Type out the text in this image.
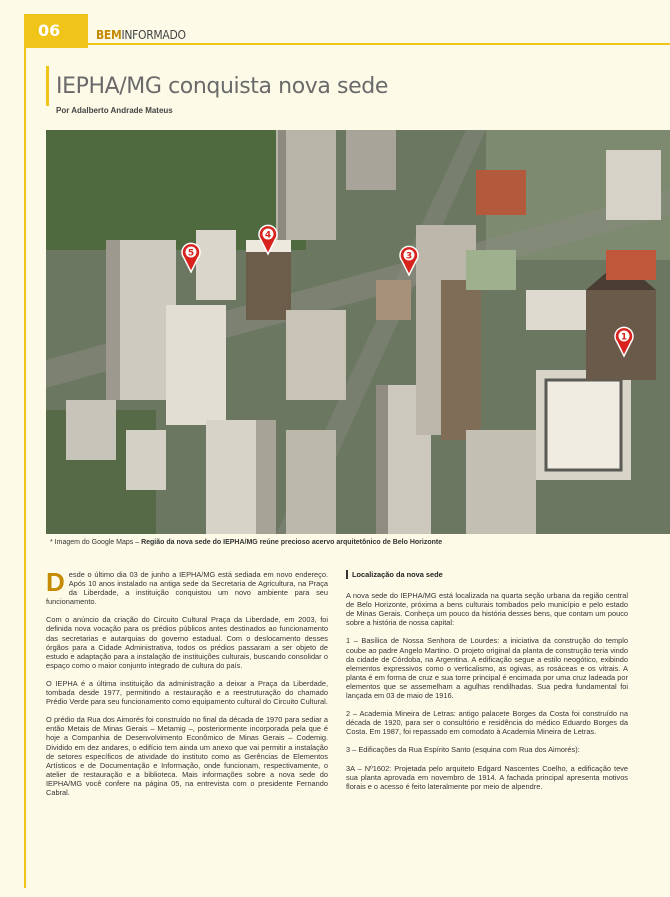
06	BEMINFORMADO
IEPHA/MG conquista nova sede
Por Adalberto Andrade Mateus
5
4
3
1
* Imagem do Google Maps – Região da nova sede do IEPHA/MG reúne precioso acervo arquitetônico de Belo Horizonte

Desde o último dia 03 de junho a IEPHA/MG está sediada em novo endereço. Após 10 anos instalado na antiga sede da Secretaria de Agricultura, na Praça da Liberdade, a instituição conquistou um novo ambiente para seu funcionamento.

Com o anúncio da criação do Circuito Cultural Praça da Liberdade, em 2003, foi definida nova vocação para os prédios públicos antes destinados ao funcionamento das secretarias e autarquias do governo estadual. Com o deslocamento desses órgãos para a Cidade Administrativa, todos os prédios passaram a ser objeto de estudo e adaptação para a instalação de instituições culturais, buscando consolidar o espaço como o maior conjunto integrado de cultura do país.

O IEPHA é a última instituição da administração a deixar a Praça da Liberdade, tombada desde 1977, permitindo a restauração e a reestruturação do chamado Prédio Verde para seu funcionamento como equipamento cultural do Circuito Cultural.

O prédio da Rua dos Aimorés foi construído no final da década de 1970 para sediar a então Metais de Minas Gerais – Metamig –, posteriormente incorporada pela que é hoje a Companhia de Desenvolvimento Econômico de Minas Gerais – Codemig. Dividido em dez andares, o edifício tem ainda um anexo que vai permitir a instalação de setores específicos de atividade do instituto como as Gerências de Elementos Artísticos e de Documentação e Informação, onde funcionam, respectivamente, o atelier de restauração e a biblioteca. Mais informações sobre a nova sede do IEPHA/MG você confere na página 05, na entrevista com o presidente Fernando Cabral.

Localização da nova sede

A nova sede do IEPHA/MG está localizada na quarta seção urbana da região central de Belo Horizonte, próxima a bens culturais tombados pelo município e pelo estado de Minas Gerais. Conheça um pouco da história desses bens, que contam um pouco sobre a história de nossa capital:

1 – Basílica de Nossa Senhora de Lourdes: a iniciativa da construção do templo coube ao padre Angelo Martino. O projeto original da planta de construção teria vindo da cidade de Córdoba, na Argentina. A edificação segue a estilo neogótico, exibindo elementos expressivos como o verticalismo, as ogivas, as rosáceas e os vitrais. A planta é em forma de cruz e sua torre principal é encimada por uma cruz ladeada por elementos que se assemelham a agulhas rendilhadas. Sua pedra fundamental foi lançada em 03 de maio de 1916.

2 – Academia Mineira de Letras: antigo palacete Borges da Costa foi construído na década de 1920, para ser o consultório e residência do médico Eduardo Borges da Costa. Em 1987, foi repassado em comodato à Academia Mineira de Letras.

3 – Edificações da Rua Espírito Santo (esquina com Rua dos Aimorés):

3A – Nº1602: Projetada pelo arquiteto Edgard Nascentes Coelho, a edificação teve sua planta aprovada em novembro de 1914. A fachada principal apresenta motivos florais e o acesso é feito lateralmente por meio de alpendre.
